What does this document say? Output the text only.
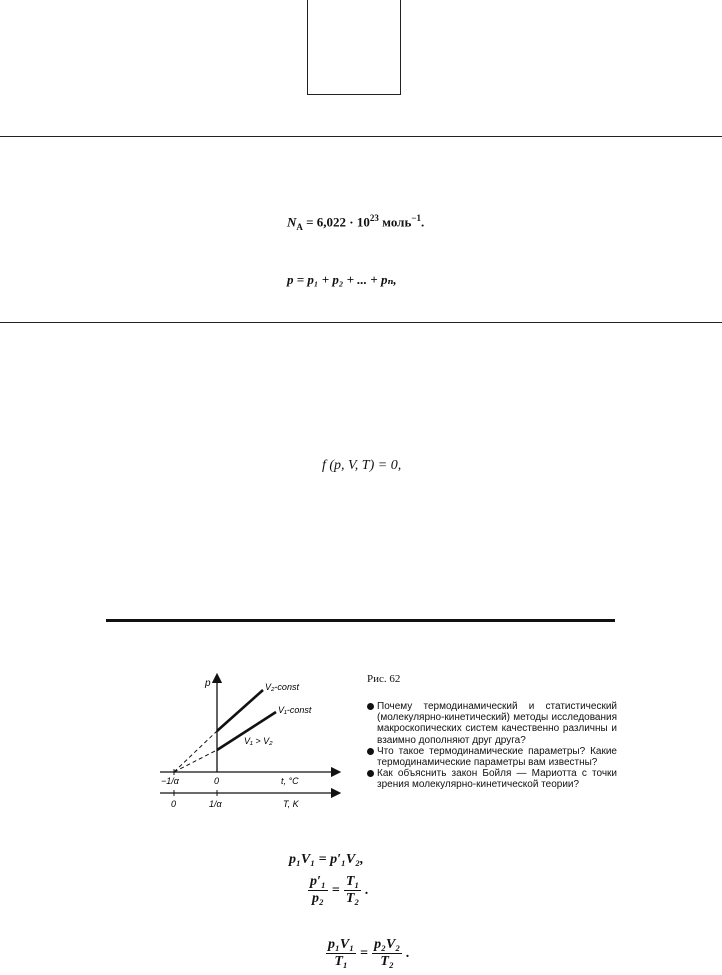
$N_A = 6,022 \cdot 10^{23}$ моль$^{-1}$.
p = p₁ + p₂ + ... + pₙ,
f (p, V, T) = 0,
p	V₂-const
V₁-const
V₁ > V₂
−1/α	0	t, °C
0	1/α	T, K
Рис. 62
Почему термодинамический и статистический (молекулярно-кинетический) методы исследования макроскопических систем качественно различны и взаимно дополняют друг друга?
Что такое термодинамические параметры? Какие термодинамические параметры вам известны?
Как объяснить закон Бойля — Мариотта с точки зрения молекулярно-кинетической теории?
p₁V₁ = p′₁V₂,
$\frac{\text{p′₁}}{\text{p₂}} = \frac{\text{T₁}}{\text{T₂}}$ .
$\frac{\text{p₁V₁}}{\text{T₁}} = \frac{\text{p₂V₂}}{\text{T₂}}$ .
